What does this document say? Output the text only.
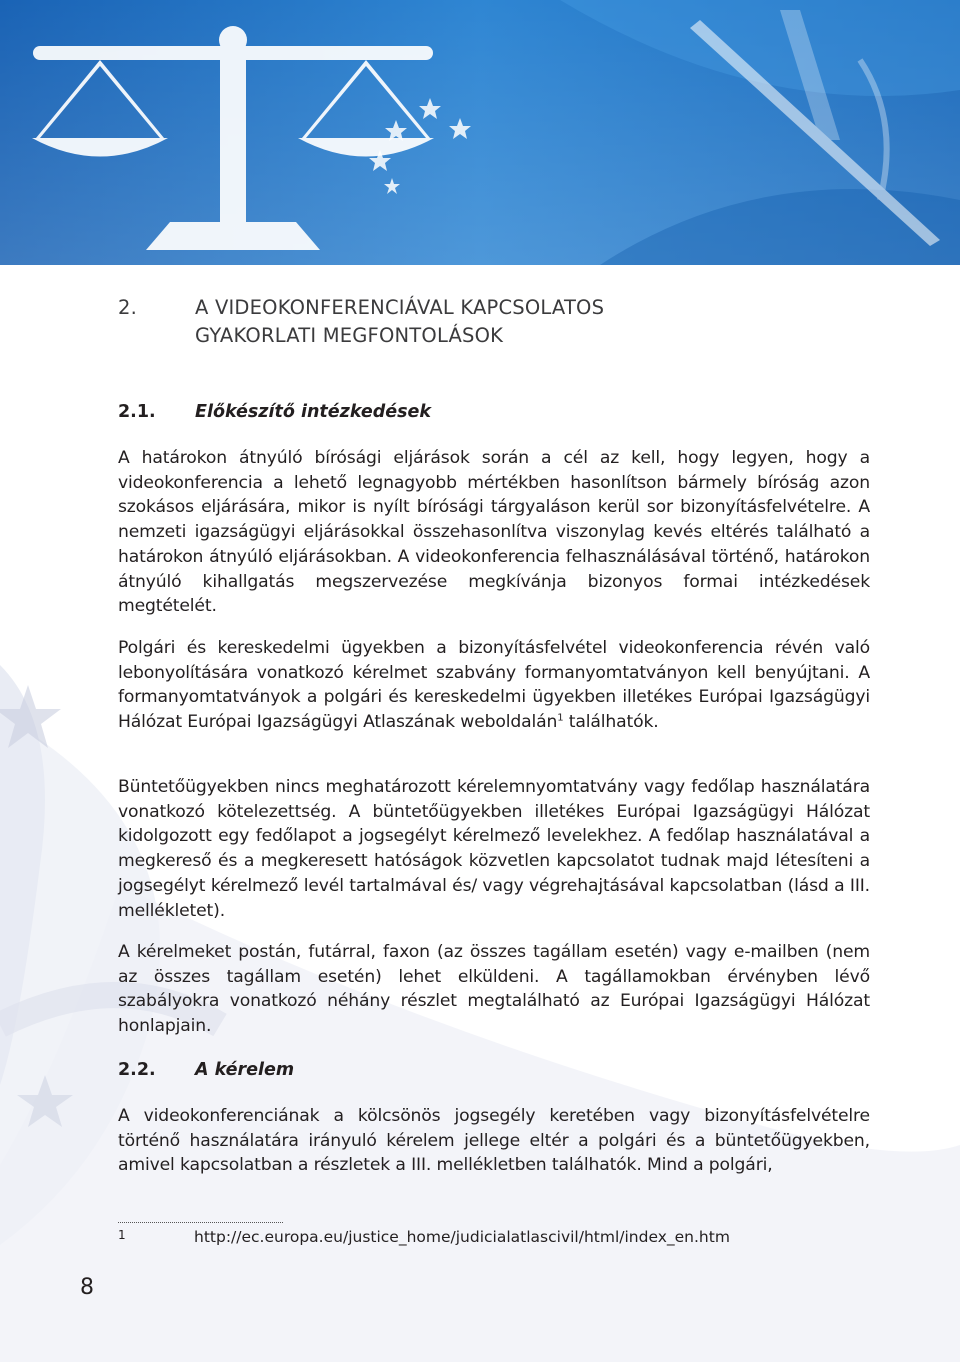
2.	A VIDEOKONFERENCIÁVAL KAPCSOLATOS
GYAKORLATI MEGFONTOLÁSOK
2.1. Előkészítő intézkedések

A határokon átnyúló bírósági eljárások során a cél az kell, hogy legyen, hogy a videokonferencia a lehető legnagyobb mértékben hasonlítson bármely bíróság azon szokásos eljárására, mikor is nyílt bírósági tárgyaláson kerül sor bizonyításfelvételre. A nemzeti igazságügyi eljárásokkal összehasonlítva viszonylag kevés eltérés található a határokon átnyúló eljárásokban. A videokonferencia felhasználásával történő, határokon átnyúló kihallgatás megszervezése megkívánja bizonyos formai intézkedések megtételét.

Polgári és kereskedelmi ügyekben a bizonyításfelvétel videokonferencia révén való lebonyolítására vonatkozó kérelmet szabvány formanyomtatványon kell benyújtani. A formanyomtatványok a polgári és kereskedelmi ügyekben illetékes Európai Igazságügyi Hálózat Európai Igazságügyi Atlaszának weboldalán$^1$ találhatók.

Büntetőügyekben nincs meghatározott kérelemnyomtatvány vagy fedőlap használatára vonatkozó kötelezettség. A büntetőügyekben illetékes Európai Igazságügyi Hálózat kidolgozott egy fedőlapot a jogsegélyt kérelmező levelekhez. A fedőlap használatával a megkereső és a megkeresett hatóságok közvetlen kapcsolatot tudnak majd létesíteni a jogsegélyt kérelmező levél tartalmával és/ vagy végrehajtásával kapcsolatban (lásd a III. mellékletet).

A kérelmeket postán, futárral, faxon (az összes tagállam esetén) vagy e-mailben (nem az összes tagállam esetén) lehet elküldeni. A tagállamokban érvényben lévő szabályokra vonatkozó néhány részlet megtalálható az Európai Igazságügyi Hálózat honlapjain.

2.2. A kérelem

A videokonferenciának a kölcsönös jogsegély keretében vagy bizonyításfelvételre történő használatára irányuló kérelem jellege eltér a polgári és a büntetőügyekben, amivel kapcsolatban a részletek a III. mellékletben találhatók. Mind a polgári,

1	http://ec.europa.eu/justice_home/judicialatlascivil/html/index_en.htm
8
